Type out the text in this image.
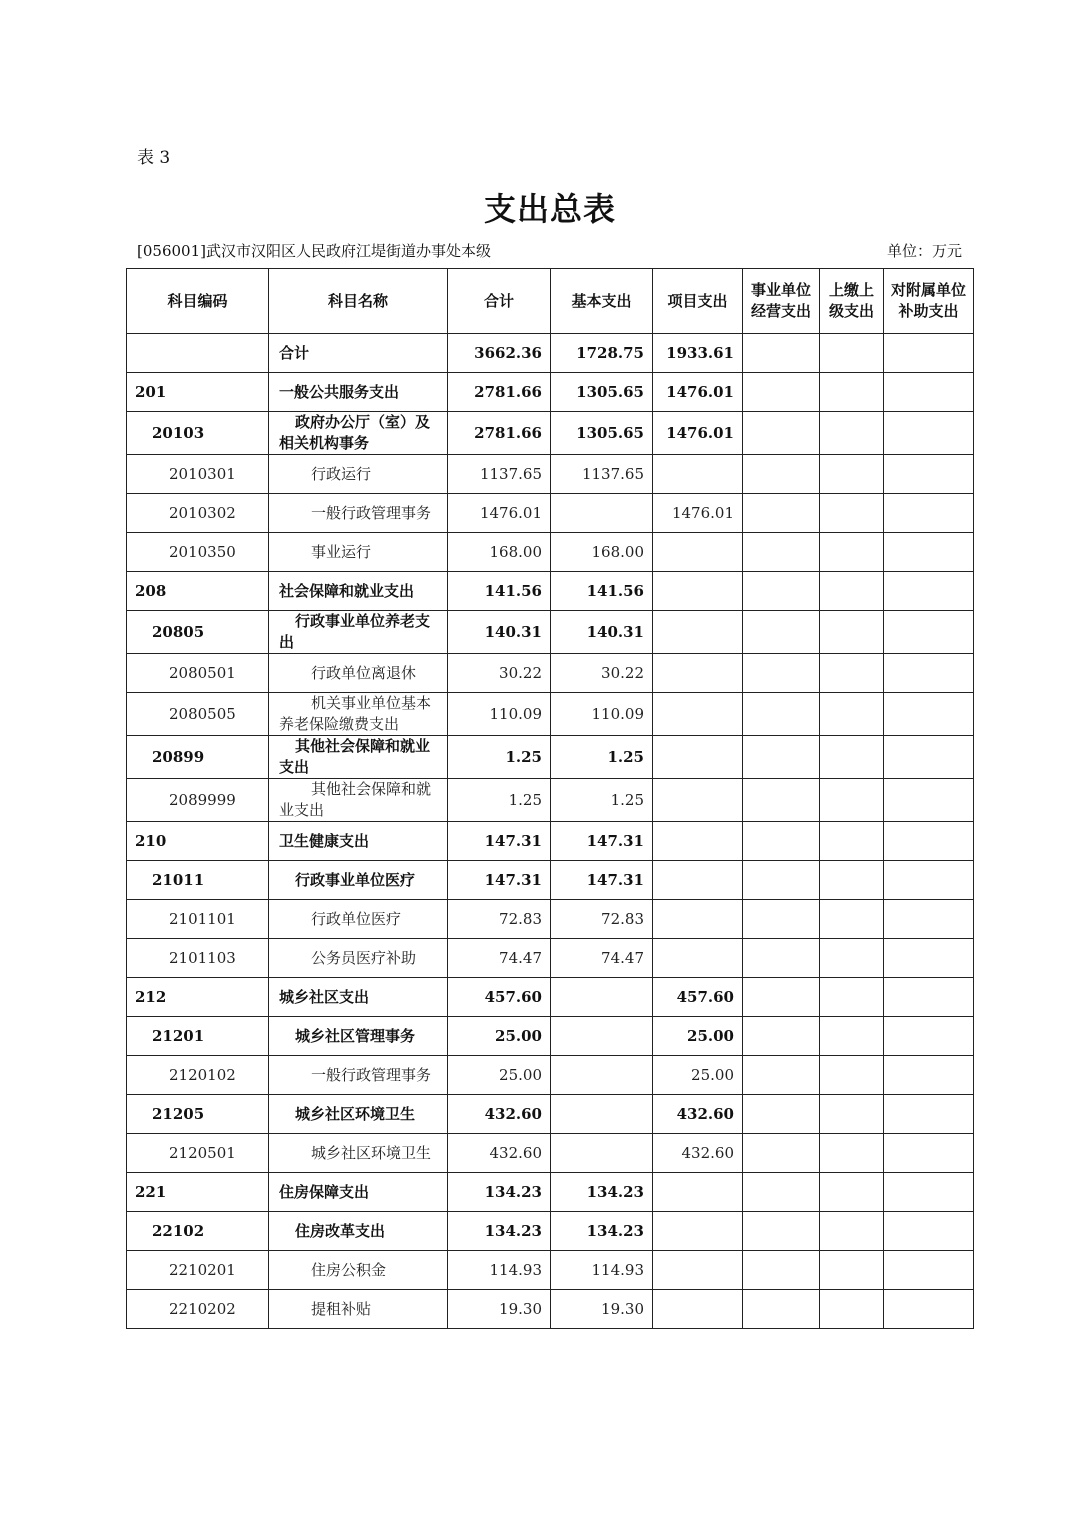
表 3
支出总表
[056001]武汉市汉阳区人民政府江堤街道办事处本级	单位：万元
科目编码	科目名称	合计	基本支出	项目支出	事业单位经营支出	上缴上级支出	对附属单位补助支出
	合计	3662.36	1728.75	1933.61			
201	一般公共服务支出	2781.66	1305.65	1476.01			
20103	政府办公厅（室）及相关机构事务	2781.66	1305.65	1476.01			
2010301	行政运行	1137.65	1137.65				
2010302	一般行政管理事务	1476.01		1476.01			
2010350	事业运行	168.00	168.00				
208	社会保障和就业支出	141.56	141.56				
20805	行政事业单位养老支出	140.31	140.31				
2080501	行政单位离退休	30.22	30.22				
2080505	机关事业单位基本养老保险缴费支出	110.09	110.09				
20899	其他社会保障和就业支出	1.25	1.25				
2089999	其他社会保障和就业支出	1.25	1.25				
210	卫生健康支出	147.31	147.31				
21011	行政事业单位医疗	147.31	147.31				
2101101	行政单位医疗	72.83	72.83				
2101103	公务员医疗补助	74.47	74.47				
212	城乡社区支出	457.60		457.60			
21201	城乡社区管理事务	25.00		25.00			
2120102	一般行政管理事务	25.00		25.00			
21205	城乡社区环境卫生	432.60		432.60			
2120501	城乡社区环境卫生	432.60		432.60			
221	住房保障支出	134.23	134.23				
22102	住房改革支出	134.23	134.23				
2210201	住房公积金	114.93	114.93				
2210202	提租补贴	19.30	19.30				
